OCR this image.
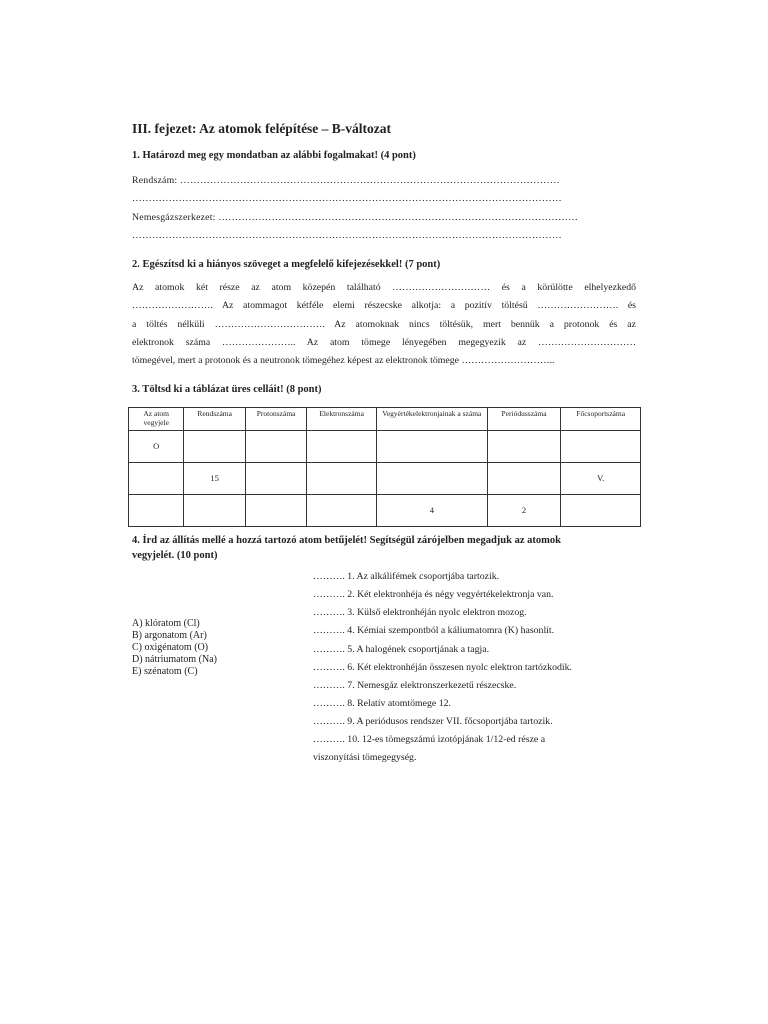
III. fejezet: Az atomok felépítése – B-változat
1. Határozd meg egy mondatban az alábbi fogalmakat! (4 pont)
Rendszám: ……………………………………………………………………………………………………
…………………………………………………………………………………………………………………
Nemesgázszerkezet: ………………………………………………………………………………………………
…………………………………………………………………………………………………………………
2. Egészítsd ki a hiányos szöveget a megfelelő kifejezésekkel! (7 pont)
Az atomok két része az atom közepén található ………………………… és a körülötte elhelyezkedő
……………………. Az atommagot kétféle elemi részecske alkotja: a pozitív töltésű ……………………. és
a töltés nélküli ……………………………. Az atomoknak nincs töltésük, mert bennük a protonok és az
elektronok száma ………………….. Az atom tömege lényegében megegyezik az …………………………
tömegével, mert a protonok és a neutronok tömegéhez képest az elektronok tömege ………………………..
3. Töltsd ki a táblázat üres celláit! (8 pont)
Az atom vegyjele	Rendszáma	Protonszáma	Elektronszáma	Vegyértékelektronjainak a száma	Periódusszáma	Főcsoportszáma
O						
	15					V.
				4	2	
4. Írd az állítás mellé a hozzá tartozó atom betűjelét! Segítségül zárójelben megadjuk az atomok
vegyjelét. (10 pont)
A) klóratom (Cl)
B) argonatom (Ar)
C) oxigénatom (O)
D) nátriumatom (Na)
E) szénatom (C)
………. 1. Az alkálifémek csoportjába tartozik.
………. 2. Két elektronhéja és négy vegyértékelektronja van.
………. 3. Külső elektronhéján nyolc elektron mozog.
………. 4. Kémiai szempontból a káliumatomra (K) hasonlít.
………. 5. A halogének csoportjának a tagja.
………. 6. Két elektronhéján összesen nyolc elektron tartózkodik.
………. 7. Nemesgáz elektronszerkezetű részecske.
………. 8. Relatív atomtömege 12.
………. 9. A periódusos rendszer VII. főcsoportjába tartozik.
………. 10. 12-es tömegszámú izotópjának 1/12-ed része a
viszonyítási tömegegység.
